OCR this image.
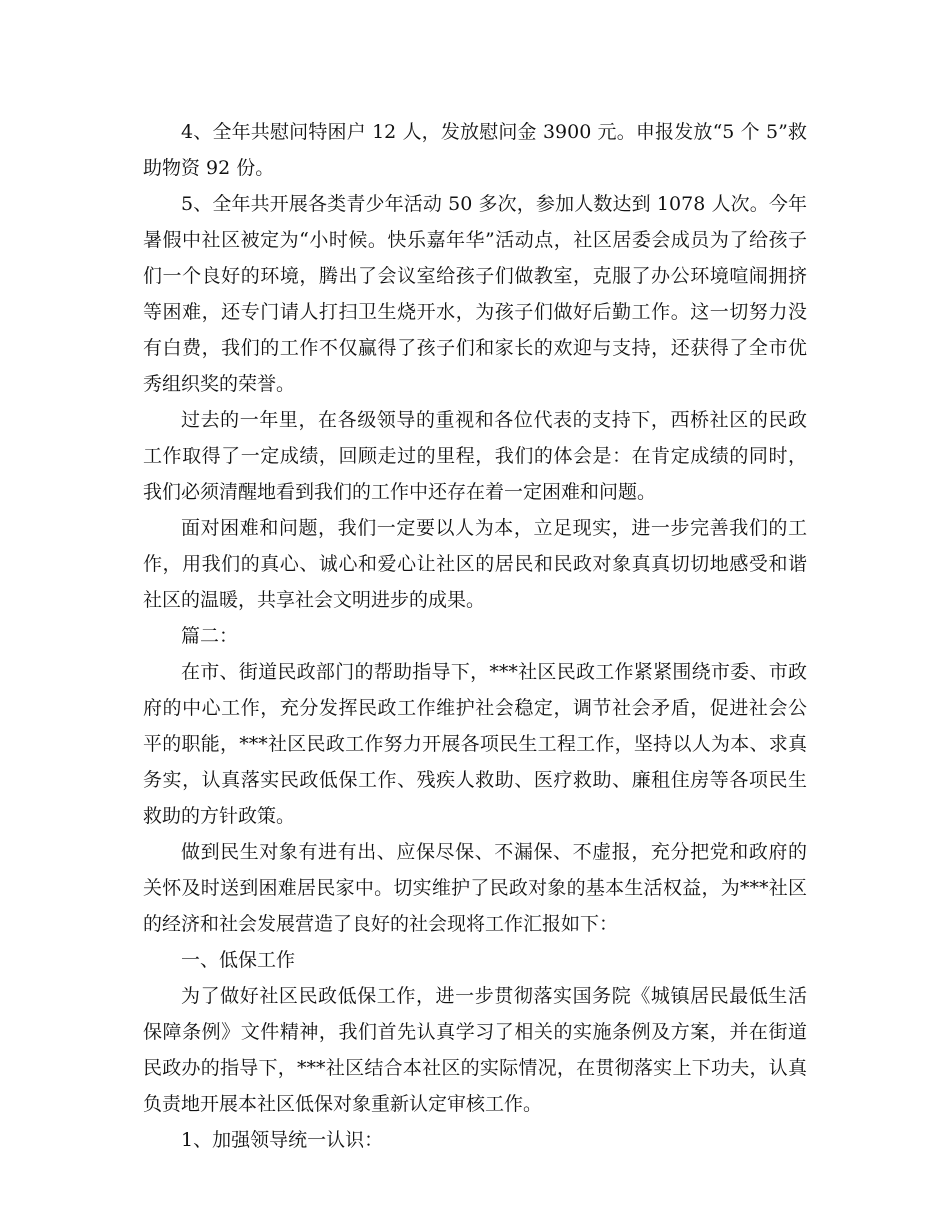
4、全年共慰问特困户 12 人，发放慰问金 3900 元。申报发放“5 个 5”救助物资 92 份。

5、全年共开展各类青少年活动 50 多次，参加人数达到 1078 人次。今年暑假中社区被定为“小时候。快乐嘉年华”活动点，社区居委会成员为了给孩子们一个良好的环境，腾出了会议室给孩子们做教室，克服了办公环境喧闹拥挤等困难，还专门请人打扫卫生烧开水，为孩子们做好后勤工作。这一切努力没有白费，我们的工作不仅赢得了孩子们和家长的欢迎与支持，还获得了全市优秀组织奖的荣誉。

过去的一年里，在各级领导的重视和各位代表的支持下，西桥社区的民政工作取得了一定成绩，回顾走过的里程，我们的体会是：在肯定成绩的同时，我们必须清醒地看到我们的工作中还存在着一定困难和问题。

面对困难和问题，我们一定要以人为本，立足现实，进一步完善我们的工作，用我们的真心、诚心和爱心让社区的居民和民政对象真真切切地感受和谐社区的温暖，共享社会文明进步的成果。

篇二：

在市、街道民政部门的帮助指导下，***社区民政工作紧紧围绕市委、市政府的中心工作，充分发挥民政工作维护社会稳定，调节社会矛盾，促进社会公平的职能，***社区民政工作努力开展各项民生工程工作，坚持以人为本、求真务实，认真落实民政低保工作、残疾人救助、医疗救助、廉租住房等各项民生救助的方针政策。

做到民生对象有进有出、应保尽保、不漏保、不虚报，充分把党和政府的关怀及时送到困难居民家中。切实维护了民政对象的基本生活权益，为***社区的经济和社会发展营造了良好的社会现将工作汇报如下：

一、低保工作

为了做好社区民政低保工作，进一步贯彻落实国务院《城镇居民最低生活保障条例》文件精神，我们首先认真学习了相关的实施条例及方案，并在街道民政办的指导下，***社区结合本社区的实际情况，在贯彻落实上下功夫，认真负责地开展本社区低保对象重新认定审核工作。

1、加强领导统一认识：
